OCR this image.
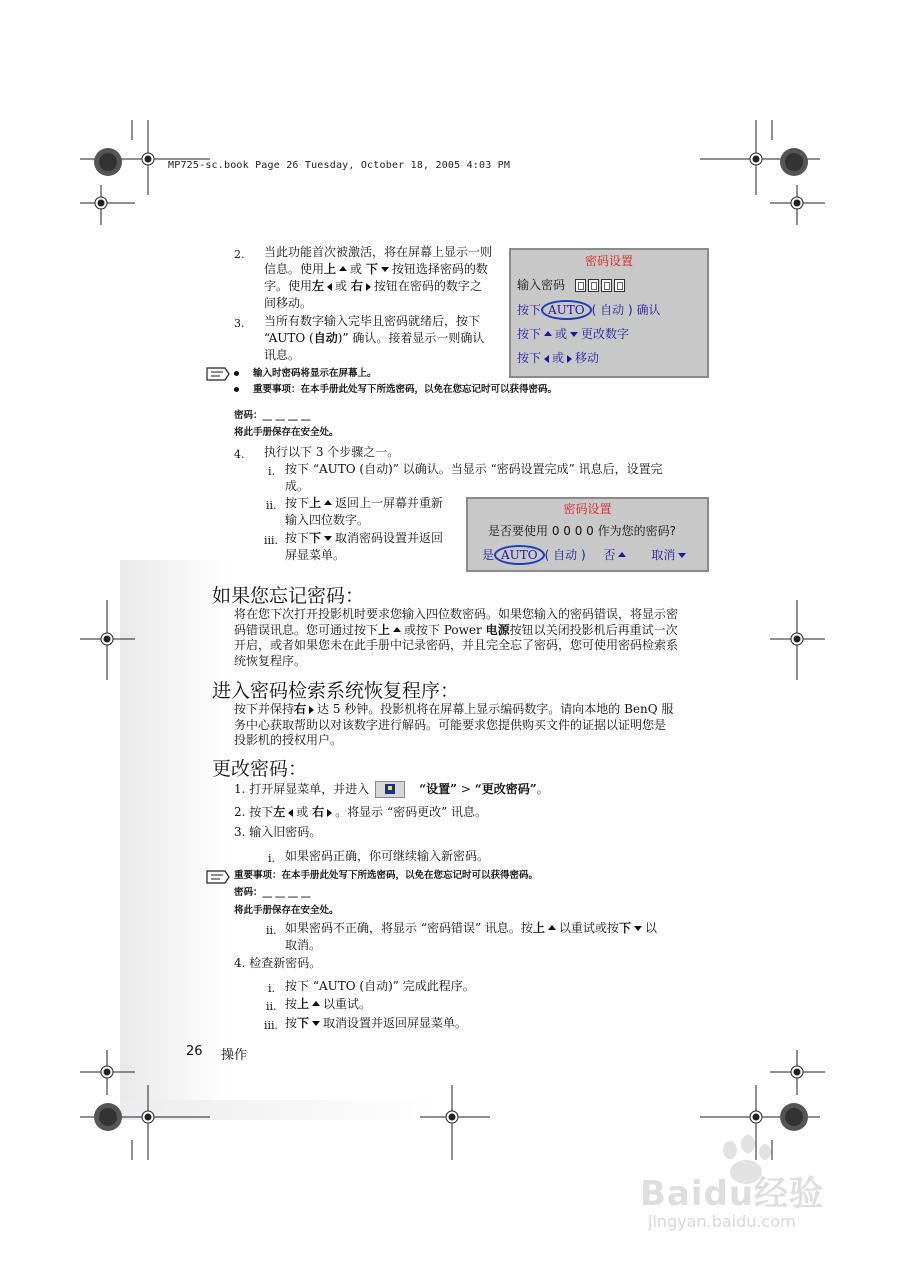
MP725-sc.book Page 26 Tuesday, October 18, 2005 4:03 PM
2. 当此功能首次被激活，将在屏幕上显示一则
信息。使用上 或 下 按钮选择密码的数
字。使用左 或 右 按钮在密码的数字之
间移动。
3. 当所有数字输入完毕且密码就绪后，按下
“AUTO (自动)” 确认。接着显示一则确认
讯息。
密码设置
输入密码
按下 AUTO ( 自动 ) 确认
按下 或 更改数字
按下 或 移动
输入时密码将显示在屏幕上。
重要事项：在本手册此处写下所选密码，以免在您忘记时可以获得密码。
密码：__ __ __ __
将此手册保存在安全处。
4. 执行以下 3 个步骤之一。
i. 按下 “AUTO (自动)” 以确认。当显示 “密码设置完成” 讯息后，设置完
成。
ii. 按下上 返回上一屏幕并重新
输入四位数字。
iii. 按下下 取消密码设置并返回
屏显菜单。
密码设置
是否要使用 0 0 0 0 作为您的密码?
是 AUTO ( 自动 ) 否	取消
如果您忘记密码：
将在您下次打开投影机时要求您输入四位数密码。如果您输入的密码错误，将显示密
码错误讯息。您可通过按下上 或按下 Power 电源按钮以关闭投影机后再重试一次
开启，或者如果您未在此手册中记录密码，并且完全忘了密码，您可使用密码检索系
统恢复程序。
进入密码检索系统恢复程序：
按下并保持右 达 5 秒钟。投影机将在屏幕上显示编码数字。请向本地的 BenQ 服
务中心获取帮助以对该数字进行解码。可能要求您提供购买文件的证据以证明您是
投影机的授权用户。
更改密码：
1. 打开屏显菜单，并进入	“设置” > “更改密码”。
2. 按下左 或 右 。将显示 “密码更改” 讯息。
3. 输入旧密码。
i. 如果密码正确，你可继续输入新密码。
重要事项：在本手册此处写下所选密码，以免在您忘记时可以获得密码。
密码：__ __ __ __
将此手册保存在安全处。
ii. 如果密码不正确，将显示 “密码错误” 讯息。按上 以重试或按下 以
取消。
4. 检查新密码。
i. 按下 “AUTO (自动)” 完成此程序。
ii. 按上 以重试。
iii. 按下 取消设置并返回屏显菜单。
26 操作
Baidu经验
jingyan.baidu.com
